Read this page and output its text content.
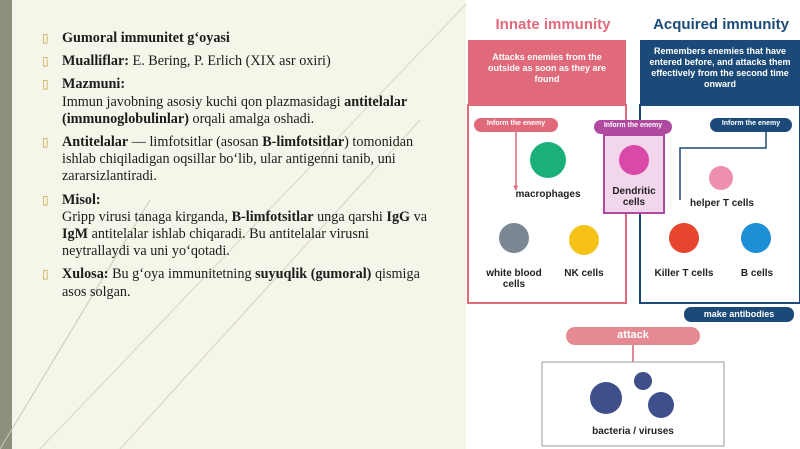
▯ Gumoral immunitet g‘oyasi
▯ Mualliflar: E. Bering, P. Erlich (XIX asr oxiri)
▯ Mazmuni:
Immun javobning asosiy kuchi qon plazmasidagi antitelalar (immunoglobulinlar) orqali amalga oshadi.
▯ Antitelalar — limfotsitlar (asosan B-limfotsitlar) tomonidan ishlab chiqiladigan oqsillar bo‘lib, ular antigenni tanib, uni zararsizlantiradi.
▯ Misol:
Gripp virusi tanaga kirganda, B-limfotsitlar unga qarshi IgG va IgM antitelalar ishlab chiqaradi. Bu antitelalar virusni neytrallaydi va uni yo‘qotadi.
▯ Xulosa: Bu g‘oya immunitetning suyuqlik (gumoral) qismiga asos solgan.
Innate immunity	Acquired immunity
Attacks enemies from the outside as soon as they are found
Remembers enemies that have entered before, and attacks them effectively from the second time onward
Inform the enemy	Inform the enemy	Inform the enemy
macrophages	Dendritic cells	helper T cells
white blood cells
NK cells	Killer T cells	B cells
make antibodies
attack
bacteria / viruses
